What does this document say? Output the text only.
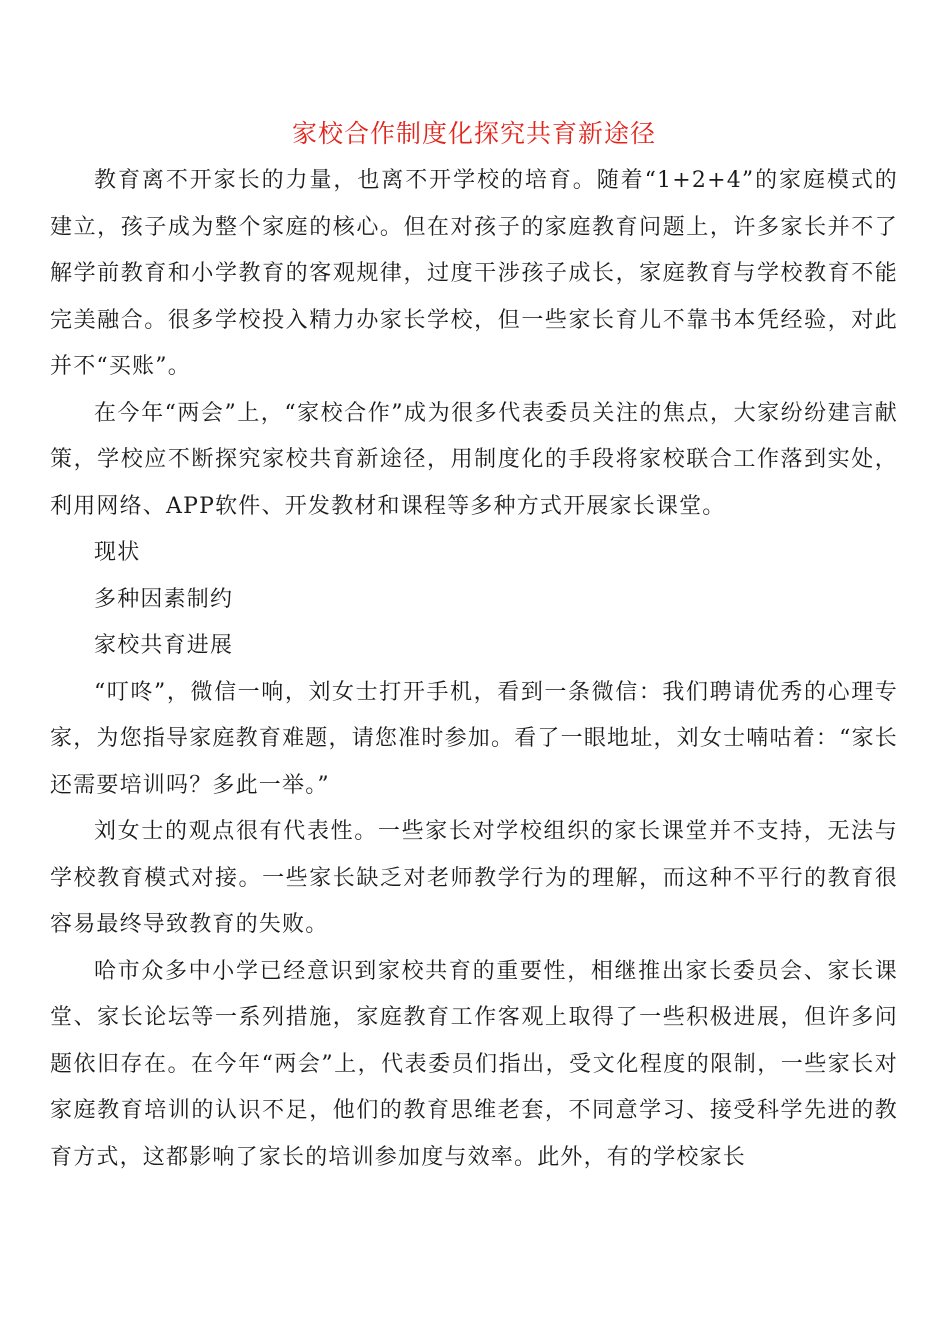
家校合作制度化探究共育新途径

教育离不开家长的力量，也离不开学校的培育。随着“1+2+4”的家庭模式的建立，孩子成为整个家庭的核心。但在对孩子的家庭教育问题上，许多家长并不了解学前教育和小学教育的客观规律，过度干涉孩子成长，家庭教育与学校教育不能完美融合。很多学校投入精力办家长学校，但一些家长育儿不靠书本凭经验，对此并不“买账”。

在今年“两会”上，“家校合作”成为很多代表委员关注的焦点，大家纷纷建言献策，学校应不断探究家校共育新途径，用制度化的手段将家校联合工作落到实处，利用网络、APP软件、开发教材和课程等多种方式开展家长课堂。

现状

多种因素制约

家校共育进展

“叮咚”，微信一响，刘女士打开手机，看到一条微信：我们聘请优秀的心理专家，为您指导家庭教育难题，请您准时参加。看了一眼地址，刘女士喃咕着：“家长还需要培训吗？多此一举。”

刘女士的观点很有代表性。一些家长对学校组织的家长课堂并不支持，无法与学校教育模式对接。一些家长缺乏对老师教学行为的理解，而这种不平行的教育很容易最终导致教育的失败。

哈市众多中小学已经意识到家校共育的重要性，相继推出家长委员会、家长课堂、家长论坛等一系列措施，家庭教育工作客观上取得了一些积极进展，但许多问题依旧存在。在今年“两会”上，代表委员们指出，受文化程度的限制，一些家长对家庭教育培训的认识不足，他们的教育思维老套，不同意学习、接受科学先进的教育方式，这都影响了家长的培训参加度与效率。此外，有的学校家长
